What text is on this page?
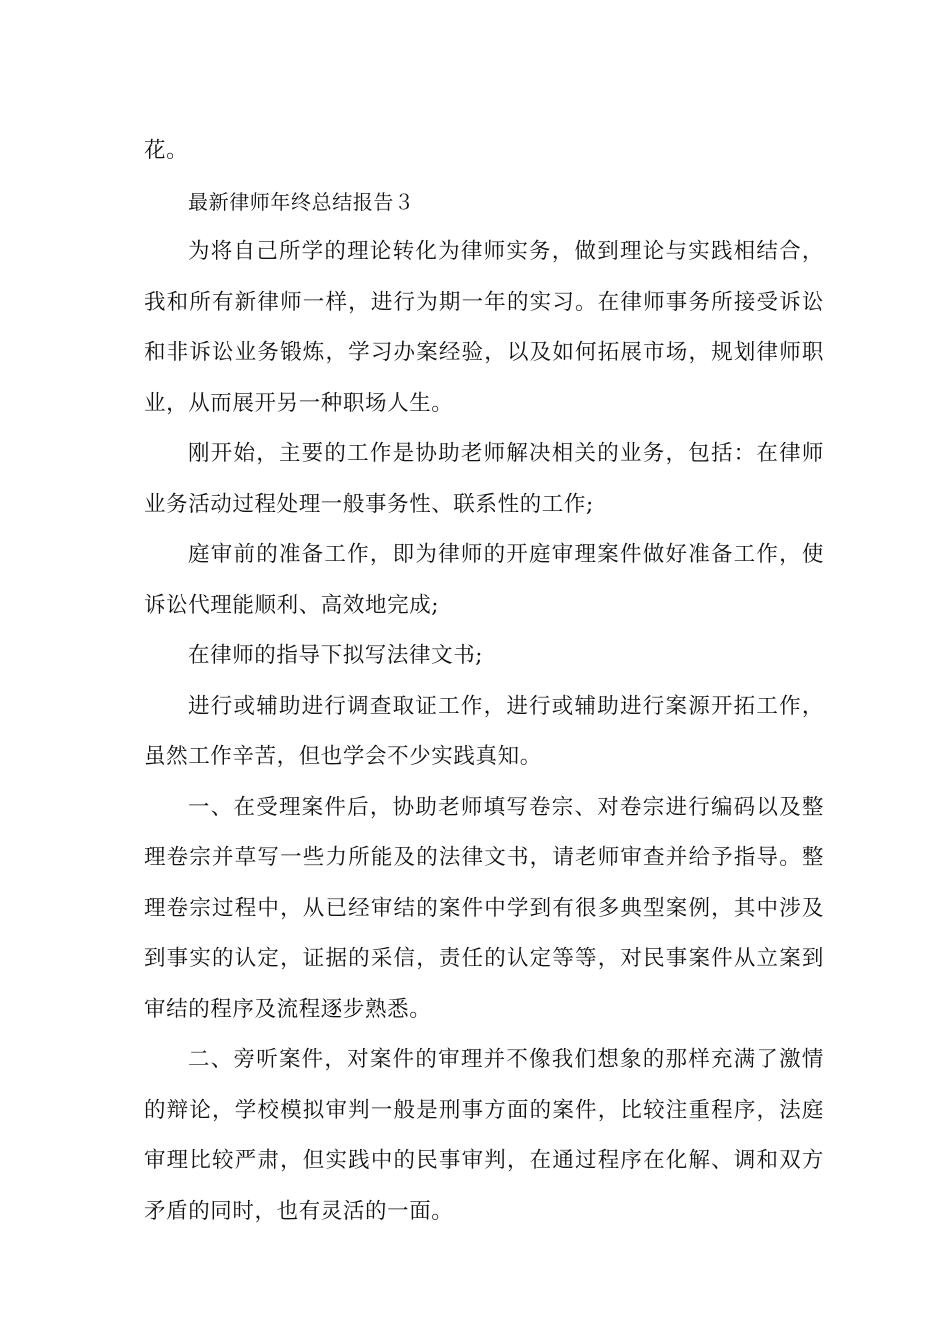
花。

最新律师年终总结报告３

为将自己所学的理论转化为律师实务，做到理论与实践相结合，我和所有新律师一样，进行为期一年的实习。在律师事务所接受诉讼和非诉讼业务锻炼，学习办案经验，以及如何拓展市场，规划律师职业，从而展开另一种职场人生。

刚开始，主要的工作是协助老师解决相关的业务，包括：在律师业务活动过程处理一般事务性、联系性的工作;

庭审前的准备工作，即为律师的开庭审理案件做好准备工作，使诉讼代理能顺利、高效地完成;

在律师的指导下拟写法律文书;

进行或辅助进行调查取证工作，进行或辅助进行案源开拓工作，虽然工作辛苦，但也学会不少实践真知。

一、在受理案件后，协助老师填写卷宗、对卷宗进行编码以及整理卷宗并草写一些力所能及的法律文书，请老师审查并给予指导。整理卷宗过程中，从已经审结的案件中学到有很多典型案例，其中涉及到事实的认定，证据的采信，责任的认定等等，对民事案件从立案到审结的程序及流程逐步熟悉。

二、旁听案件，对案件的审理并不像我们想象的那样充满了激情的辩论，学校模拟审判一般是刑事方面的案件，比较注重程序，法庭审理比较严肃，但实践中的民事审判，在通过程序在化解、调和双方矛盾的同时，也有灵活的一面。
